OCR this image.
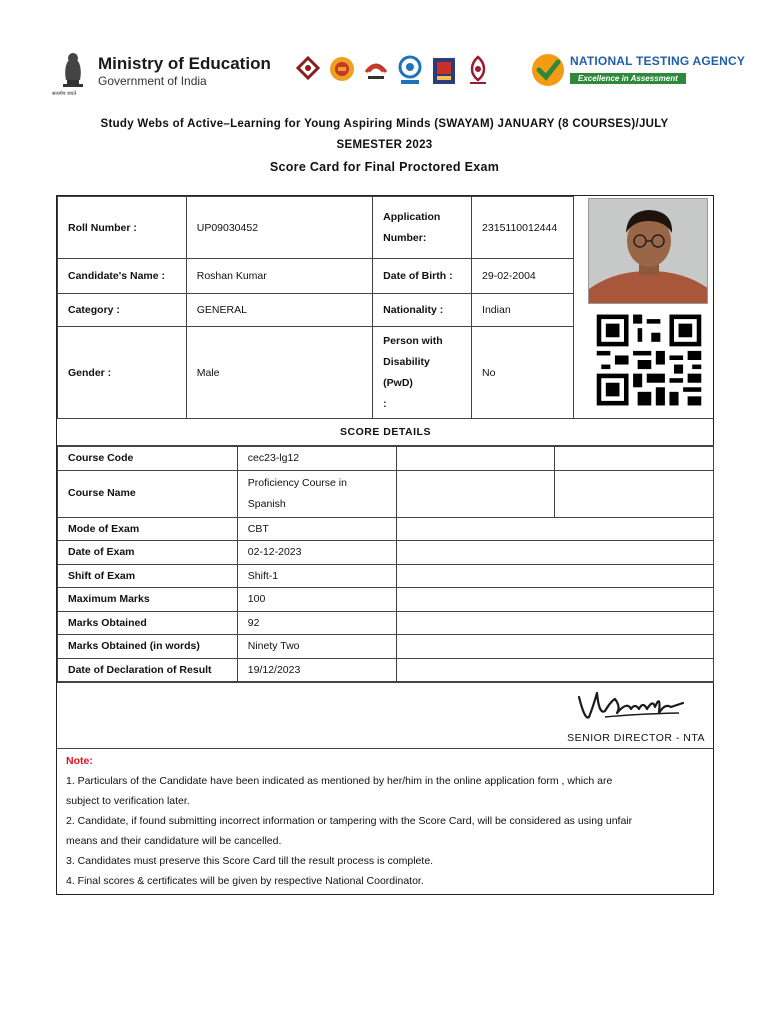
Ministry of Education
Government of India
सत्यमेव जयते
NATIONAL TESTING AGENCY
Excellence in Assessment
Study Webs of Active–Learning for Young Aspiring Minds (SWAYAM) JANUARY (8 COURSES)/JULY
SEMESTER 2023
Score Card for Final Proctored Exam
Roll Number :	UP09030452	Application
Number:	2315110012444
Candidate's Name :	Roshan Kumar	Date of Birth :	29-02-2004
Category :	GENERAL	Nationality :	Indian
Gender :	Male	Person with
Disability (PwD)
:	No
SCORE DETAILS
Course Code	cec23-lg12		
Course Name	Proficiency Course in
Spanish		

Mode of Exam	CBT		
Date of Exam	02-12-2023		
Shift of Exam	Shift-1		
Maximum Marks	100		
Marks Obtained	92		
Marks Obtained (in words)	Ninety Two		
Date of Declaration of Result	19/12/2023		
SENIOR DIRECTOR - NTA
Note:
1. Particulars of the Candidate have been indicated as mentioned by her/him in the online application form , which are
subject to verification later.
2. Candidate, if found submitting incorrect information or tampering with the Score Card, will be considered as using unfair
means and their candidature will be cancelled.
3. Candidates must preserve this Score Card till the result process is complete.
4. Final scores & certificates will be given by respective National Coordinator.
